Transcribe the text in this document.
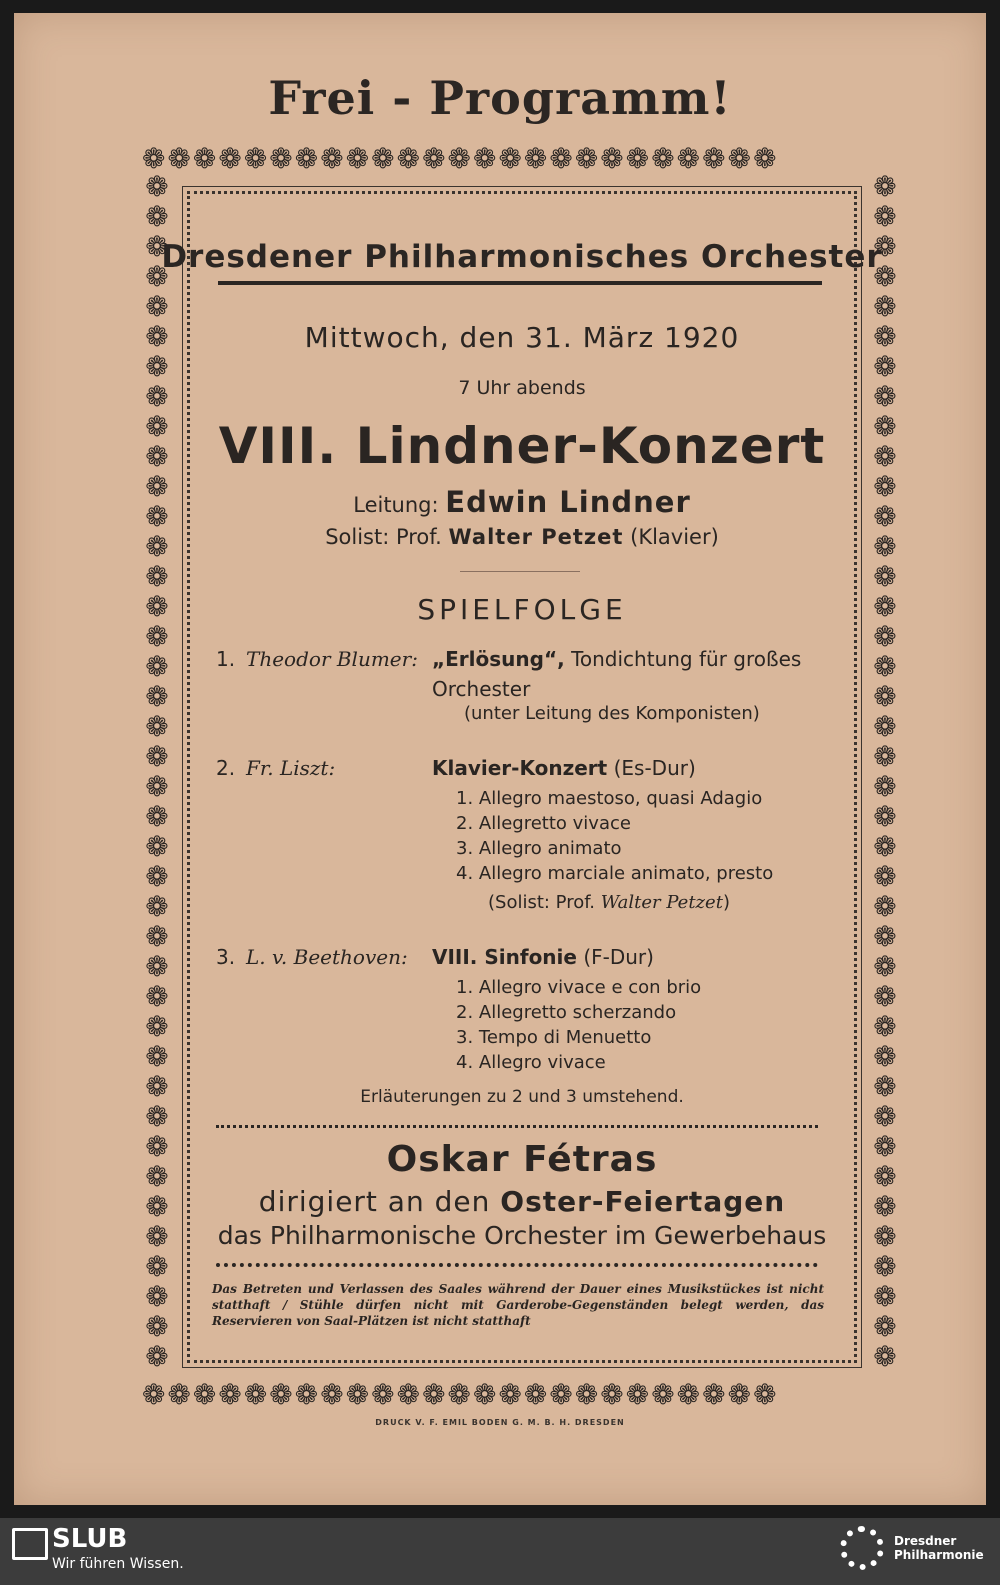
Frei - Programm!
❁❁❁❁❁❁❁❁❁❁❁❁❁❁❁❁❁❁❁❁❁❁❁❁❁
❁❁❁❁❁❁❁❁❁❁❁❁❁❁❁❁❁❁❁❁❁❁❁❁❁
❁
❁
❁
❁
❁
❁
❁
❁
❁
❁
❁
❁
❁
❁
❁
❁
❁
❁
❁
❁
❁
❁
❁
❁
❁
❁
❁
❁
❁
❁
❁
❁
❁
❁
❁
❁
❁
❁
❁
❁
❁
❁
❁
❁
❁
❁
❁
❁
❁
❁
❁
❁
❁
❁
❁
❁
❁
❁
❁
❁
❁
❁
❁
❁
❁
❁
❁
❁
❁
❁
❁
❁
❁
❁
❁
❁
❁
❁
❁
❁
Dresdener Philharmonisches Orchester
Mittwoch, den 31. März 1920
7 Uhr abends
VIII. Lindner-Konzert
Leitung: Edwin Lindner
Solist: Prof. Walter Petzet (Klavier)
SPIELFOLGE
1. Theodor Blumer: „Erlösung“, Tondichtung für großes
Orchester
(unter Leitung des Komponisten)
2. Fr. Liszt:	Klavier-Konzert (Es-Dur)
1. Allegro maestoso, quasi Adagio
2. Allegretto vivace
3. Allegro animato
4. Allegro marciale animato, presto
(Solist: Prof. Walter Petzet)
3. L. v. Beethoven: VIII. Sinfonie (F-Dur)
1. Allegro vivace e con brio
2. Allegretto scherzando
3. Tempo di Menuetto
4. Allegro vivace
Erläuterungen zu 2 und 3 umstehend.
Oskar Fétras
dirigiert an den Oster-Feiertagen
das Philharmonische Orchester im Gewerbehaus
Das Betreten und Verlassen des Saales während der Dauer eines Musikstückes ist nicht statthaft / Stühle dürfen nicht mit Garderobe-Gegenständen belegt werden, das Reservieren von Saal-Plätzen ist nicht statthaft
DRUCK V. F. EMIL BODEN G. M. B. H. DRESDEN
SLUB
Wir führen Wissen.
Dresdner
Philharmonie
